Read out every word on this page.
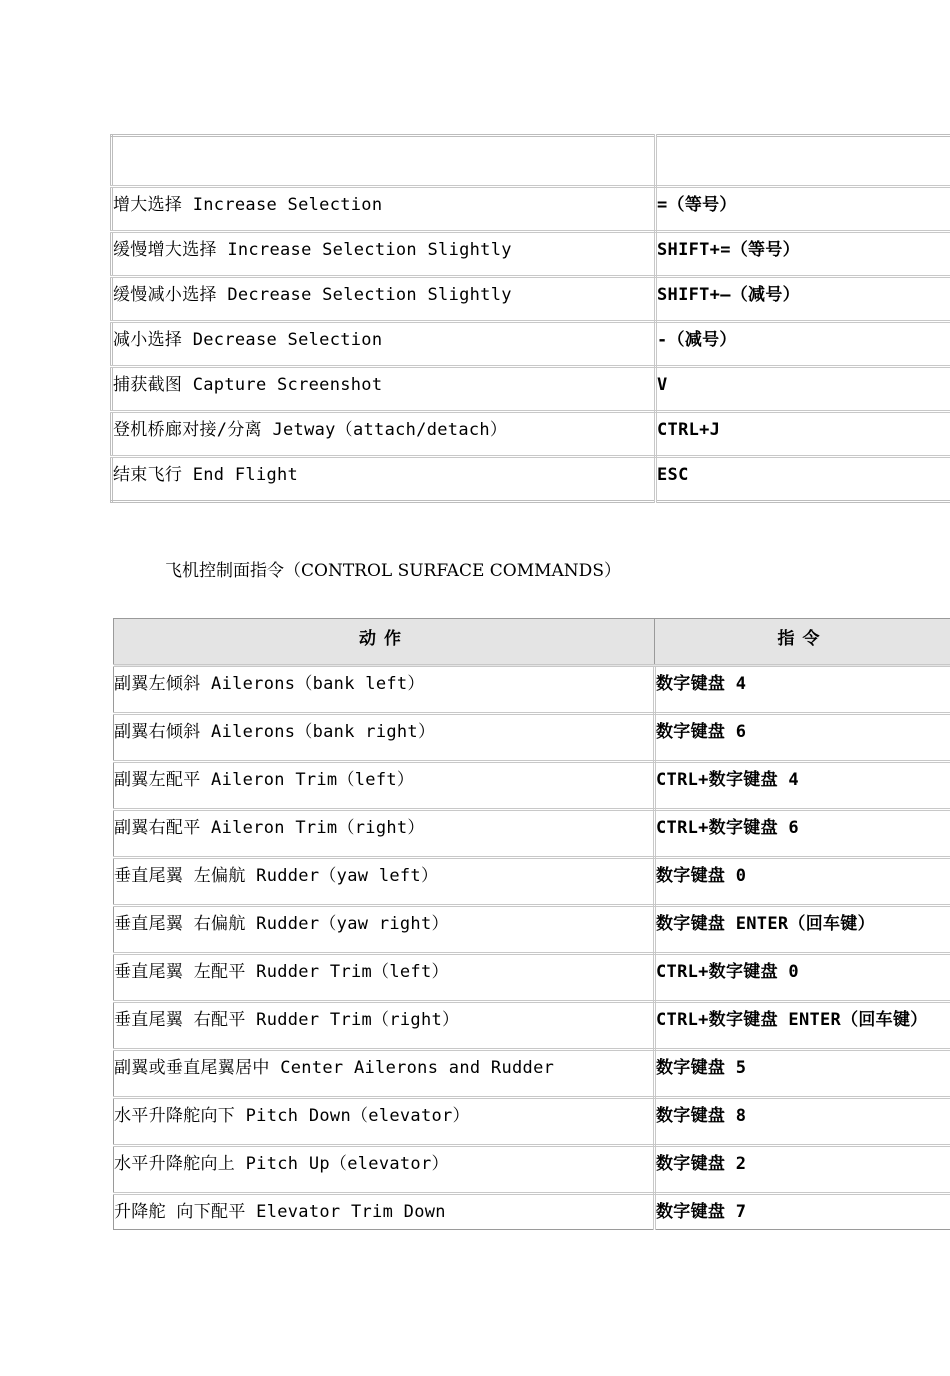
增大选择 Increase Selection	=（等号）

缓慢增大选择 Increase Selection Slightly	SHIFT+=（等号）

缓慢减小选择 Decrease Selection Slightly	SHIFT+–（减号）

减小选择 Decrease Selection	-（减号）

捕获截图 Capture Screenshot	V

登机桥廊对接/分离 Jetway（attach/detach）	CTRL+J

结束飞行 End Flight	ESC
飞机控制面指令（CONTROL SURFACE COMMANDS）
动作	指令

副翼左倾斜 Ailerons（bank left）	数字键盘 4

副翼右倾斜 Ailerons（bank right）	数字键盘 6

副翼左配平 Aileron Trim（left）	CTRL+数字键盘 4

副翼右配平 Aileron Trim（right）	CTRL+数字键盘 6

垂直尾翼 左偏航 Rudder（yaw left）	数字键盘 0

垂直尾翼 右偏航 Rudder（yaw right）	数字键盘 ENTER（回车键）

垂直尾翼 左配平 Rudder Trim（left）	CTRL+数字键盘 0

垂直尾翼 右配平 Rudder Trim（right）	CTRL+数字键盘 ENTER（回车键）

副翼或垂直尾翼居中 Center Ailerons and Rudder	数字键盘 5

水平升降舵向下 Pitch Down（elevator）	数字键盘 8

水平升降舵向上 Pitch Up（elevator）	数字键盘 2

升降舵 向下配平 Elevator Trim Down	数字键盘 7
